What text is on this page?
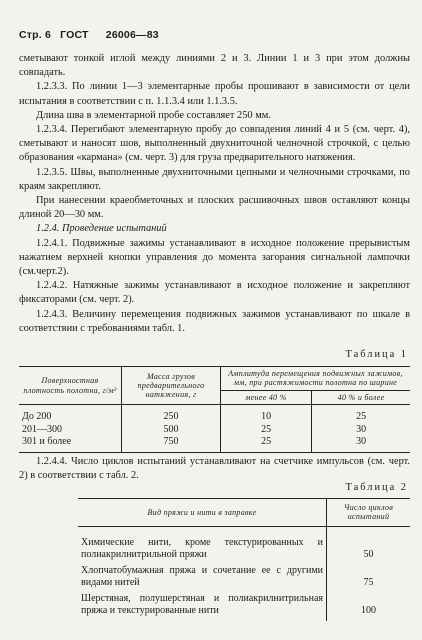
Стр. 6 ГОСТ 26006—83

сметывают тонкой иглой между линиями 2 и 3. Линии 1 и 3 при этом должны совпадать.

1.2.3.3. По линии 1—3 элементарные пробы прошивают в зависимости от цели испытания в соответствии с п. 1.1.3.4 или 1.1.3.5.

Длина шва в элементарной пробе составляет 250 мм.

1.2.3.4. Перегибают элементарную пробу до совпадения линий 4 и 5 (см. черт. 4), сметывают и наносят шов, выполненный двухниточной челночной строчкой, с целью образования «кармана» (см. черт. 3) для груза предварительного натяжения.

1.2.3.5. Швы, выполненные двухниточными цепными и челночными строчками, по краям закрепляют.

При нанесении краеобметочных и плоских расшивочных швов оставляют концы длиной 20—30 мм.

1.2.4. Проведение испытаний

1.2.4.1. Подвижные зажимы устанавливают в исходное положение прерывистым нажатием верхней кнопки управления до момента загорания сигнальной лампочки (см.черт.2).

1.2.4.2. Натяжные зажимы устанавливают в исходное положение и закрепляют фиксаторами (см. черт. 2).

1.2.4.3. Величину перемещения подвижных зажимов устанавливают по шкале в соответствии с требованиями табл. 1.

Таблица 1
Поверхностная плотность полотна, г/м²	Масса грузов предварительного натяжения, г	Амплитуда перемещения подвижных зажимов, мм, при растяжимости полотна по ширине	
		менее 40 %	40 % и более
До 200	250	10	25
201—300	500	25	30
301 и более	750	25	30

1.2.4.4. Число циклов испытаний устанавливают на счетчике импульсов (см. черт. 2) в соответствии с табл. 2.

Таблица 2
Вид пряжи и нити в заправке	Число циклов испытаний
Химические нити, кроме текстурированных и полиакрилнитрильной пряжи	50
Хлопчатобумажная пряжа и сочетание ее с другими видами нитей	75
Шерстяная, полушерстяная и полиакрилнитрильная пряжа и текстурированные нити	100
